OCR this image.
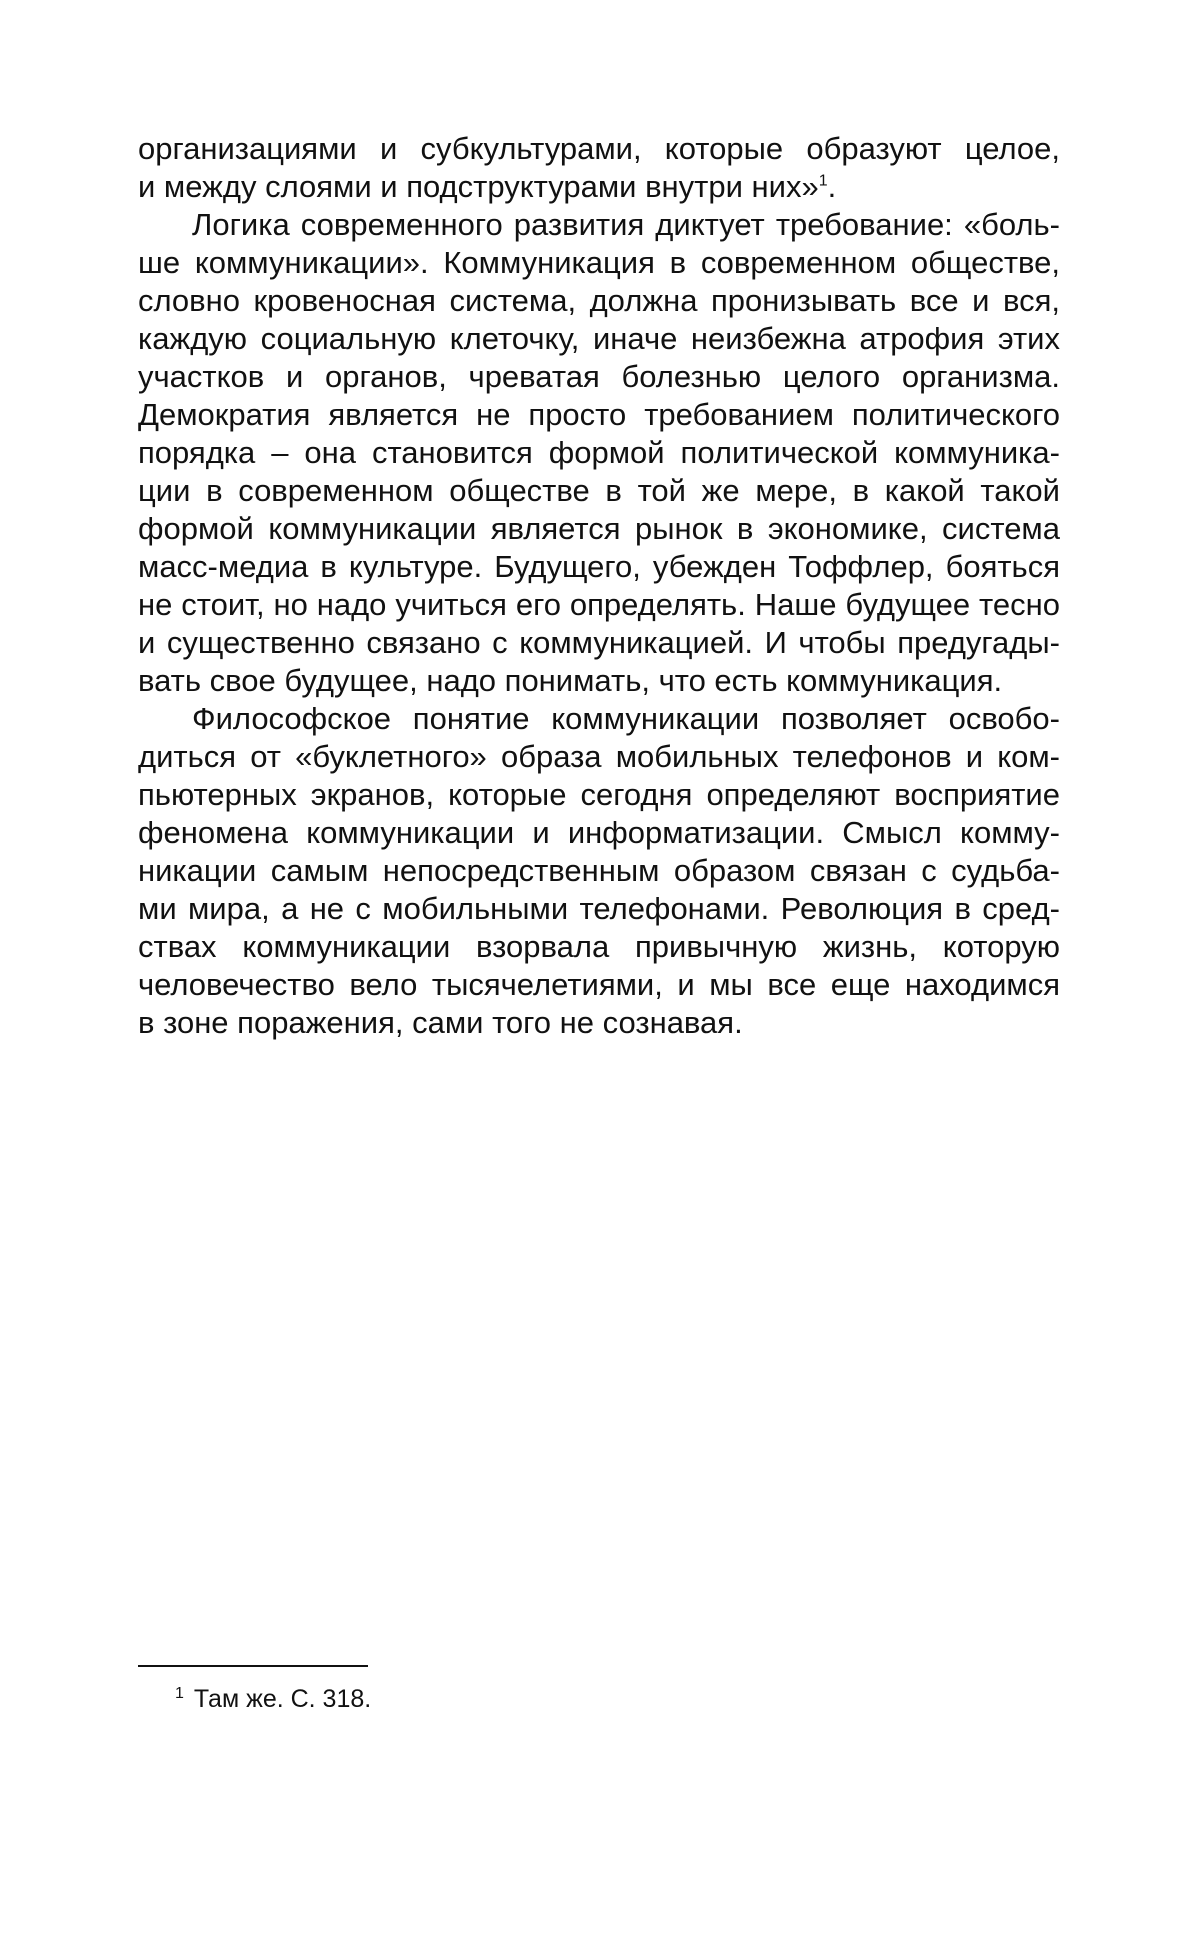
организациями и субкультурами, которые образуют целое,
и между слоями и подструктурами внутри них»$^1$.
Логика современного развития диктует требование: «боль-
ше коммуникации». Коммуникация в современном обществе,
словно кровеносная система, должна пронизывать все и вся,
каждую социальную клеточку, иначе неизбежна атрофия этих
участков и органов, чреватая болезнью целого организма.
Демократия является не просто требованием политического
порядка – она становится формой политической коммуника-
ции в современном обществе в той же мере, в какой такой
формой коммуникации является рынок в экономике, система
масс-медиа в культуре. Будущего, убежден Тоффлер, бояться
не стоит, но надо учиться его определять. Наше будущее тесно
и существенно связано с коммуникацией. И чтобы предугады-
вать свое будущее, надо понимать, что есть коммуникация.
Философское понятие коммуникации позволяет освобо-
диться от «буклетного» образа мобильных телефонов и ком-
пьютерных экранов, которые сегодня определяют восприятие
феномена коммуникации и информатизации. Смысл комму-
никации самым непосредственным образом связан с судьба-
ми мира, а не с мобильными телефонами. Революция в сред-
ствах коммуникации взорвала привычную жизнь, которую
человечество вело тысячелетиями, и мы все еще находимся
в зоне поражения, сами того не сознавая.
$^1$ Там же. С. 318.
